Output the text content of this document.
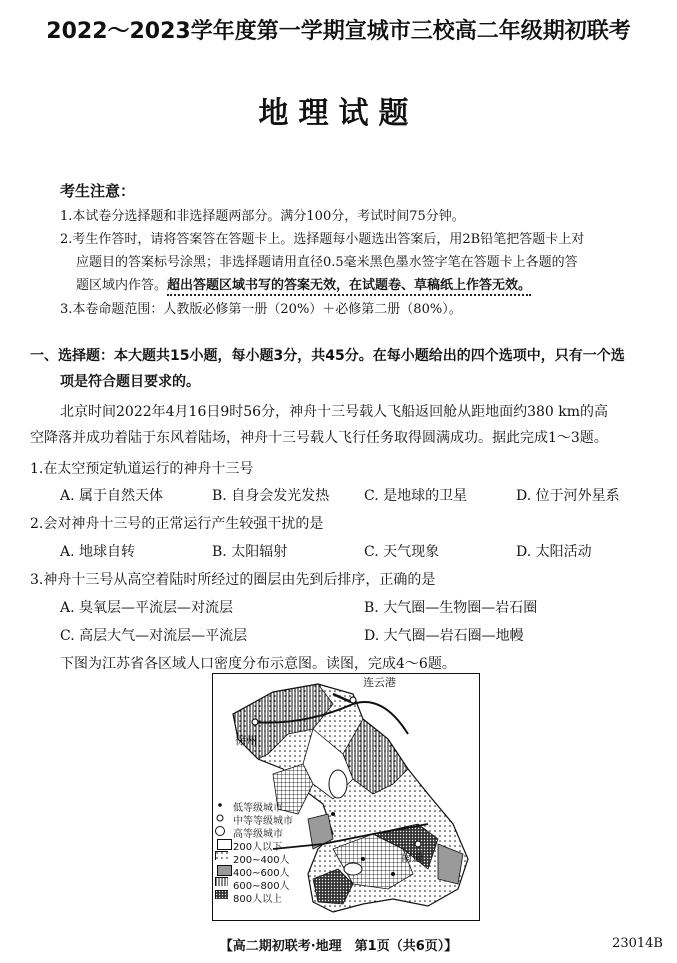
2022～2023学年度第一学期宣城市三校高二年级期初联考
地理试题
考生注意：
1.本试卷分选择题和非选择题两部分。满分100分，考试时间75分钟。
2.考生作答时，请将答案答在答题卡上。选择题每小题选出答案后，用2B铅笔把答题卡上对
应题目的答案标号涂黑；非选择题请用直径0.5毫米黑色墨水签字笔在答题卡上各题的答
题区域内作答。超出答题区域书写的答案无效，在试题卷、草稿纸上作答无效。
3.本卷命题范围：人教版必修第一册（20%）＋必修第二册（80%）。
一、选择题：本大题共15小题，每小题3分，共45分。在每小题给出的四个选项中，只有一个选
项是符合题目要求的。
北京时间2022年4月16日9时56分，神舟十三号载人飞船返回舱从距地面约380 km的高
空降落并成功着陆于东风着陆场，神舟十三号载人飞行任务取得圆满成功。据此完成1～3题。
1.在太空预定轨道运行的神舟十三号
A. 属于自然天体	B. 自身会发光发热 C. 是地球的卫星	D. 位于河外星系
2.会对神舟十三号的正常运行产生较强干扰的是
A. 地球自转	B. 太阳辐射	C. 天气现象	D. 太阳活动
3.神舟十三号从高空着陆时所经过的圈层由先到后排序，正确的是
A. 臭氧层—平流层—对流层	B. 大气圈—生物圈—岩石圈
C. 高层大气—对流层—平流层	D. 大气圈—岩石圈—地幔
下图为江苏省各区域人口密度分布示意图。读图，完成4～6题。
连云港
徐州
南通
低等级城市
中等等级城市
高等级城市
200人以下
200~400人
400~600人
600~800人
800人以上
【高二期初联考·地理　第1页（共6页）】	23014B
